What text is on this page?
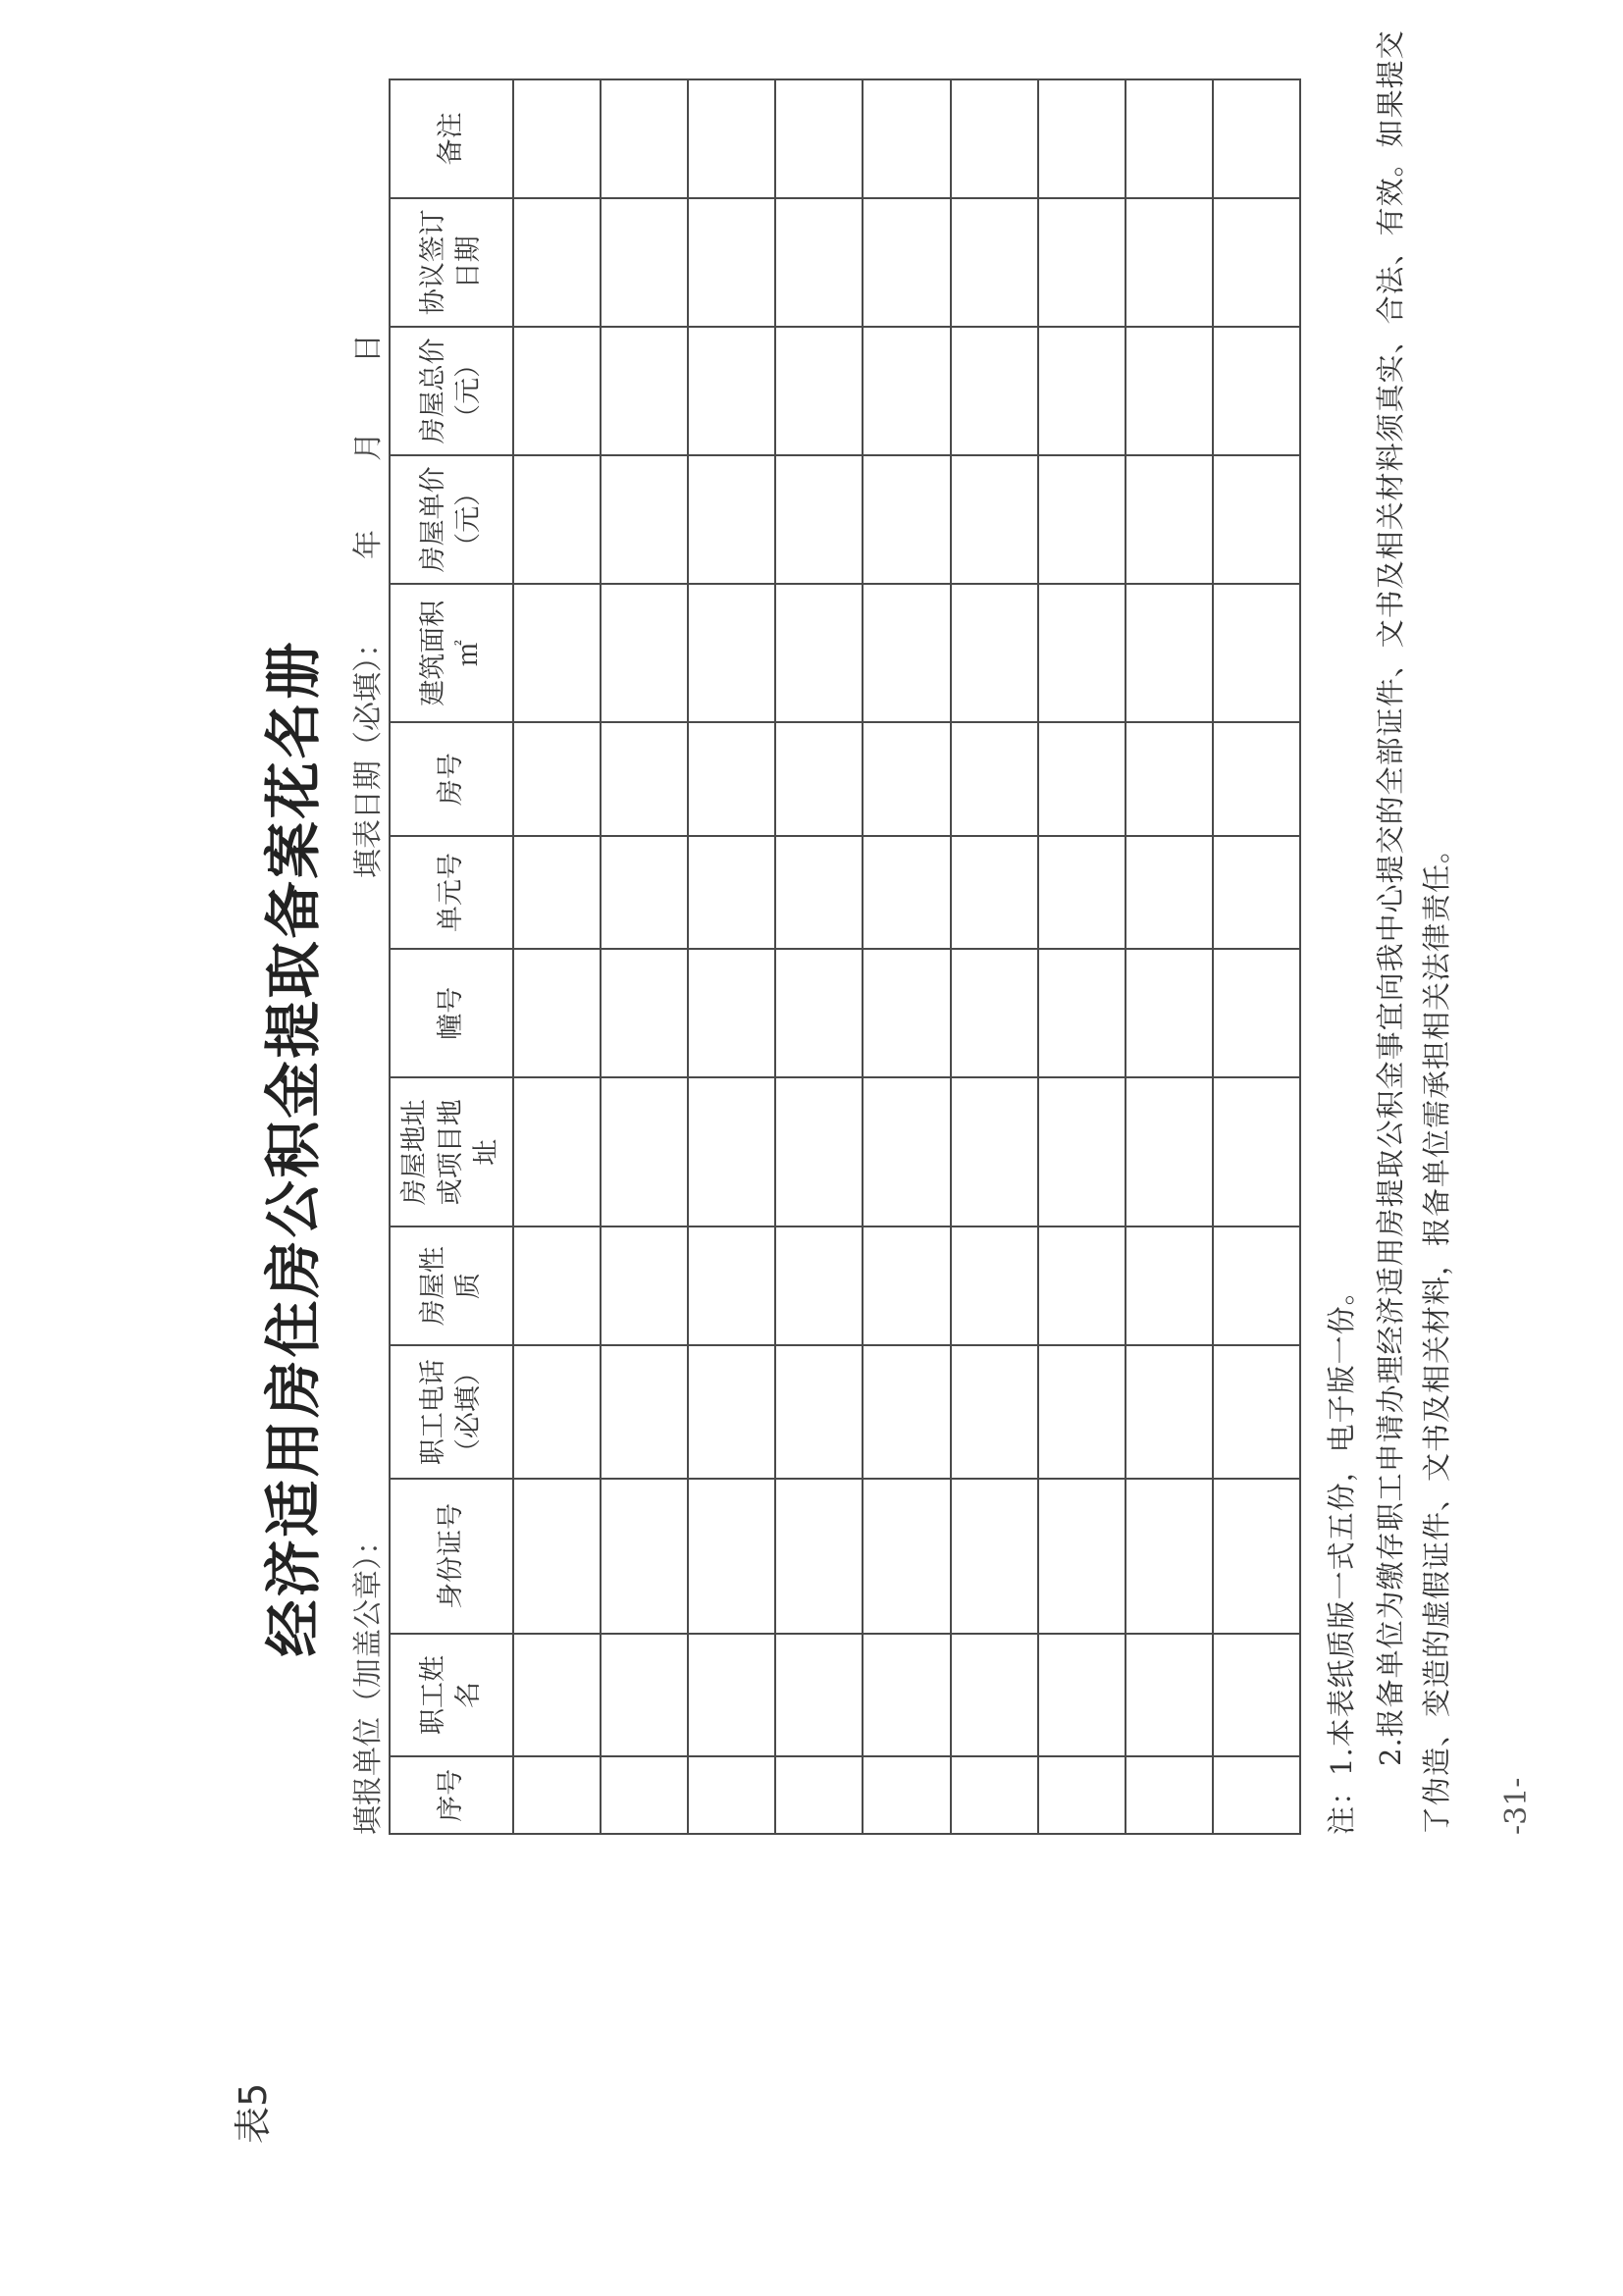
表5
经济适用房住房公积金提取备案花名册
填报单位（加盖公章）：
填表日期（必填）：年月日
序号	职工姓名	身份证号	职工电话（必填）	房屋性质	房屋地址或项目地址	幢号	单元号	房号	建筑面积㎡	房屋单价（元）	房屋总价（元）	协议签订日期	备注

注：1.本表纸质版一式五份，电子版一份。 2.报备单位为缴存职工申请办理经济适用房提取公积金事宜向我中心提交的全部证件、文书及相关材料须真实、合法、有效。如果提交 了伪造、变造的虚假证件、文书及相关材料，报备单位需承担相关法律责任。 -31-
